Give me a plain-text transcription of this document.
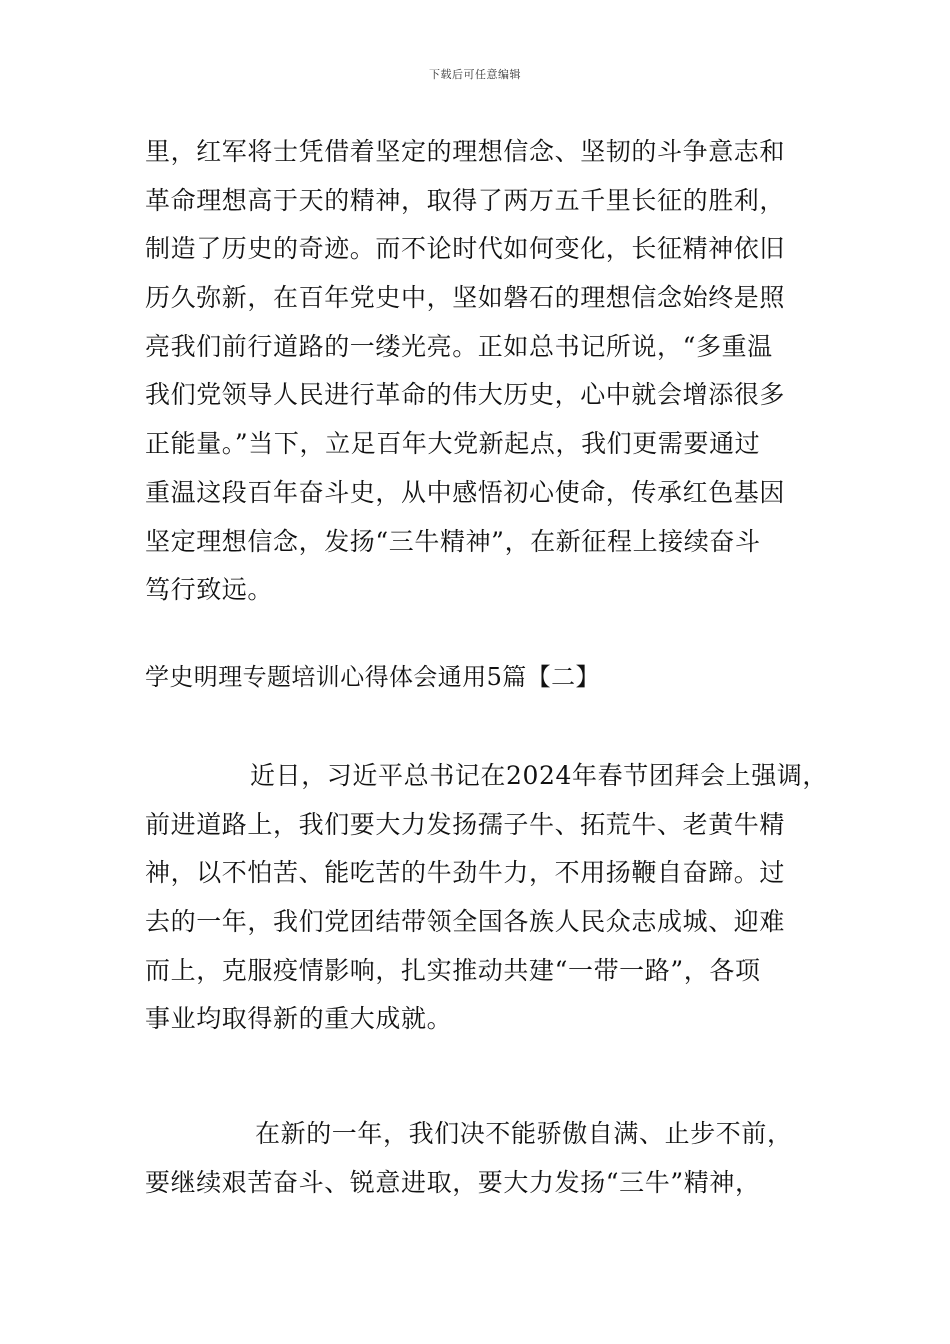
下载后可任意编辑
里，红军将士凭借着坚定的理想信念、坚韧的斗争意志和
革命理想高于天的精神，取得了两万五千里长征的胜利，
制造了历史的奇迹。而不论时代如何变化，长征精神依旧
历久弥新，在百年党史中，坚如磐石的理想信念始终是照
亮我们前行道路的一缕光亮。正如总书记所说，“多重温
我们党领导人民进行革命的伟大历史，心中就会增添很多
正能量。”当下，立足百年大党新起点，我们更需要通过
重温这段百年奋斗史，从中感悟初心使命，传承红色基因
坚定理想信念，发扬“三牛精神”，在新征程上接续奋斗
笃行致远。
学史明理专题培训心得体会通用5篇【二】
近日，习近平总书记在2024年春节团拜会上强调，
前进道路上，我们要大力发扬孺子牛、拓荒牛、老黄牛精
神，以不怕苦、能吃苦的牛劲牛力，不用扬鞭自奋蹄。过
去的一年，我们党团结带领全国各族人民众志成城、迎难
而上，克服疫情影响，扎实推动共建“一带一路”，各项
事业均取得新的重大成就。
在新的一年，我们决不能骄傲自满、止步不前，
要继续艰苦奋斗、锐意进取，要大力发扬“三牛”精神，
